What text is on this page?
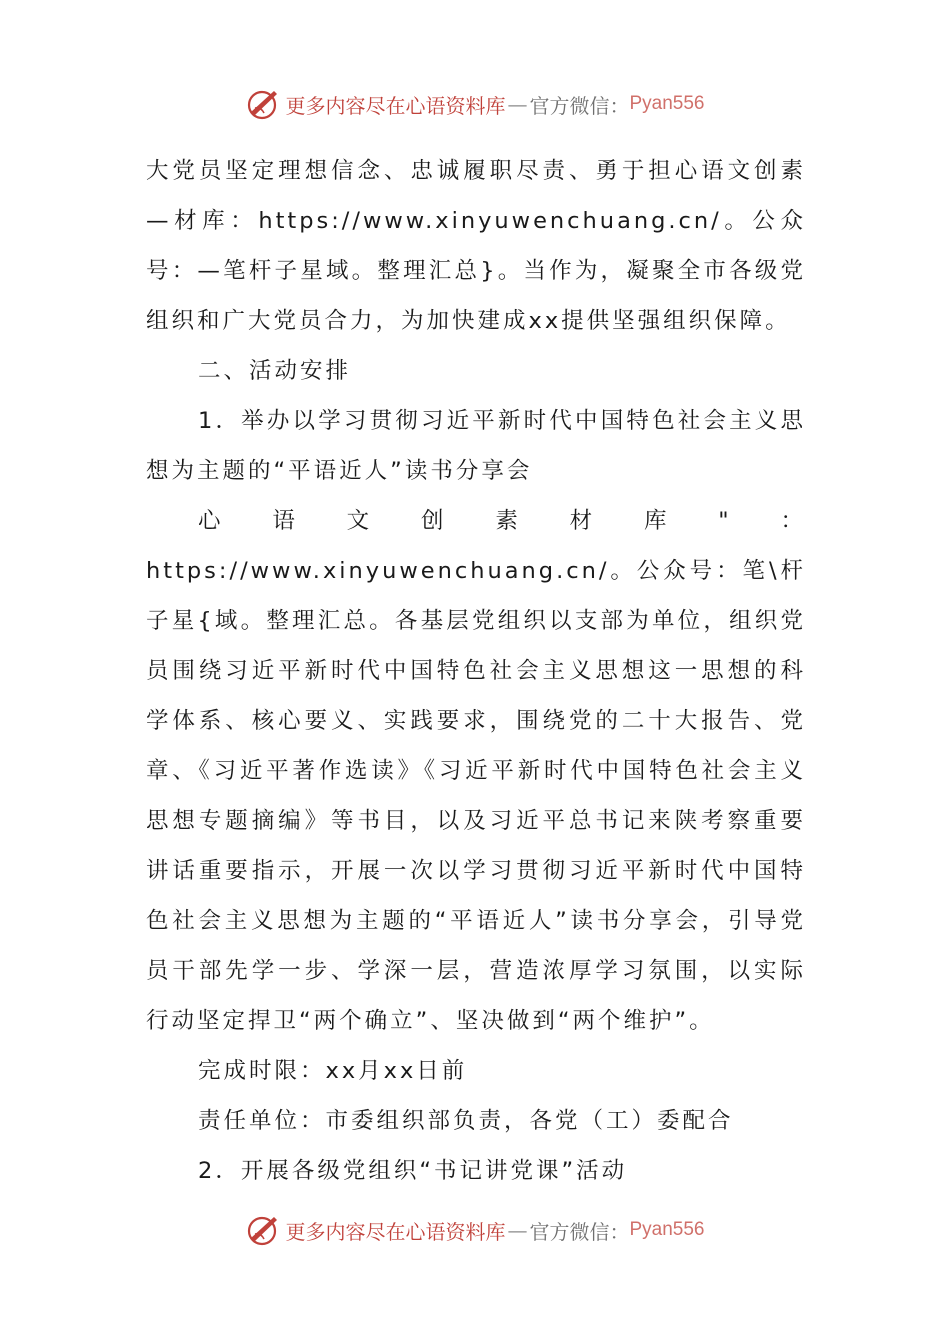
更多内容尽在心语资料库 — 官方微信： Pyan556

大党员坚定理想信念、忠诚履职尽责、勇于担心语文创素—材库：https://www.xinyuwenchuang.cn/。公众号：—笔杆子星域。整理汇总}。当作为，凝聚全市各级党组织和广大党员合力，为加快建成xx提供坚强组织保障。

二、活动安排

1．举办以学习贯彻习近平新时代中国特色社会主义思想为主题的“平语近人”读书分享会

心语文创素材库"：https://www.xinyuwenchuang.cn/。公众号：笔\杆子星{域。整理汇总。各基层党组织以支部为单位，组织党员围绕习近平新时代中国特色社会主义思想这一思想的科学体系、核心要义、实践要求，围绕党的二十大报告、党章、《习近平著作选读》《习近平新时代中国特色社会主义思想专题摘编》等书目，以及习近平总书记来陕考察重要讲话重要指示，开展一次以学习贯彻习近平新时代中国特色社会主义思想为主题的“平语近人”读书分享会，引导党员干部先学一步、学深一层，营造浓厚学习氛围，以实际行动坚定捍卫“两个确立”、坚决做到“两个维护”。

完成时限：xx月xx日前

责任单位：市委组织部负责，各党（工）委配合

2．开展各级党组织“书记讲党课”活动

更多内容尽在心语资料库 — 官方微信： Pyan556
